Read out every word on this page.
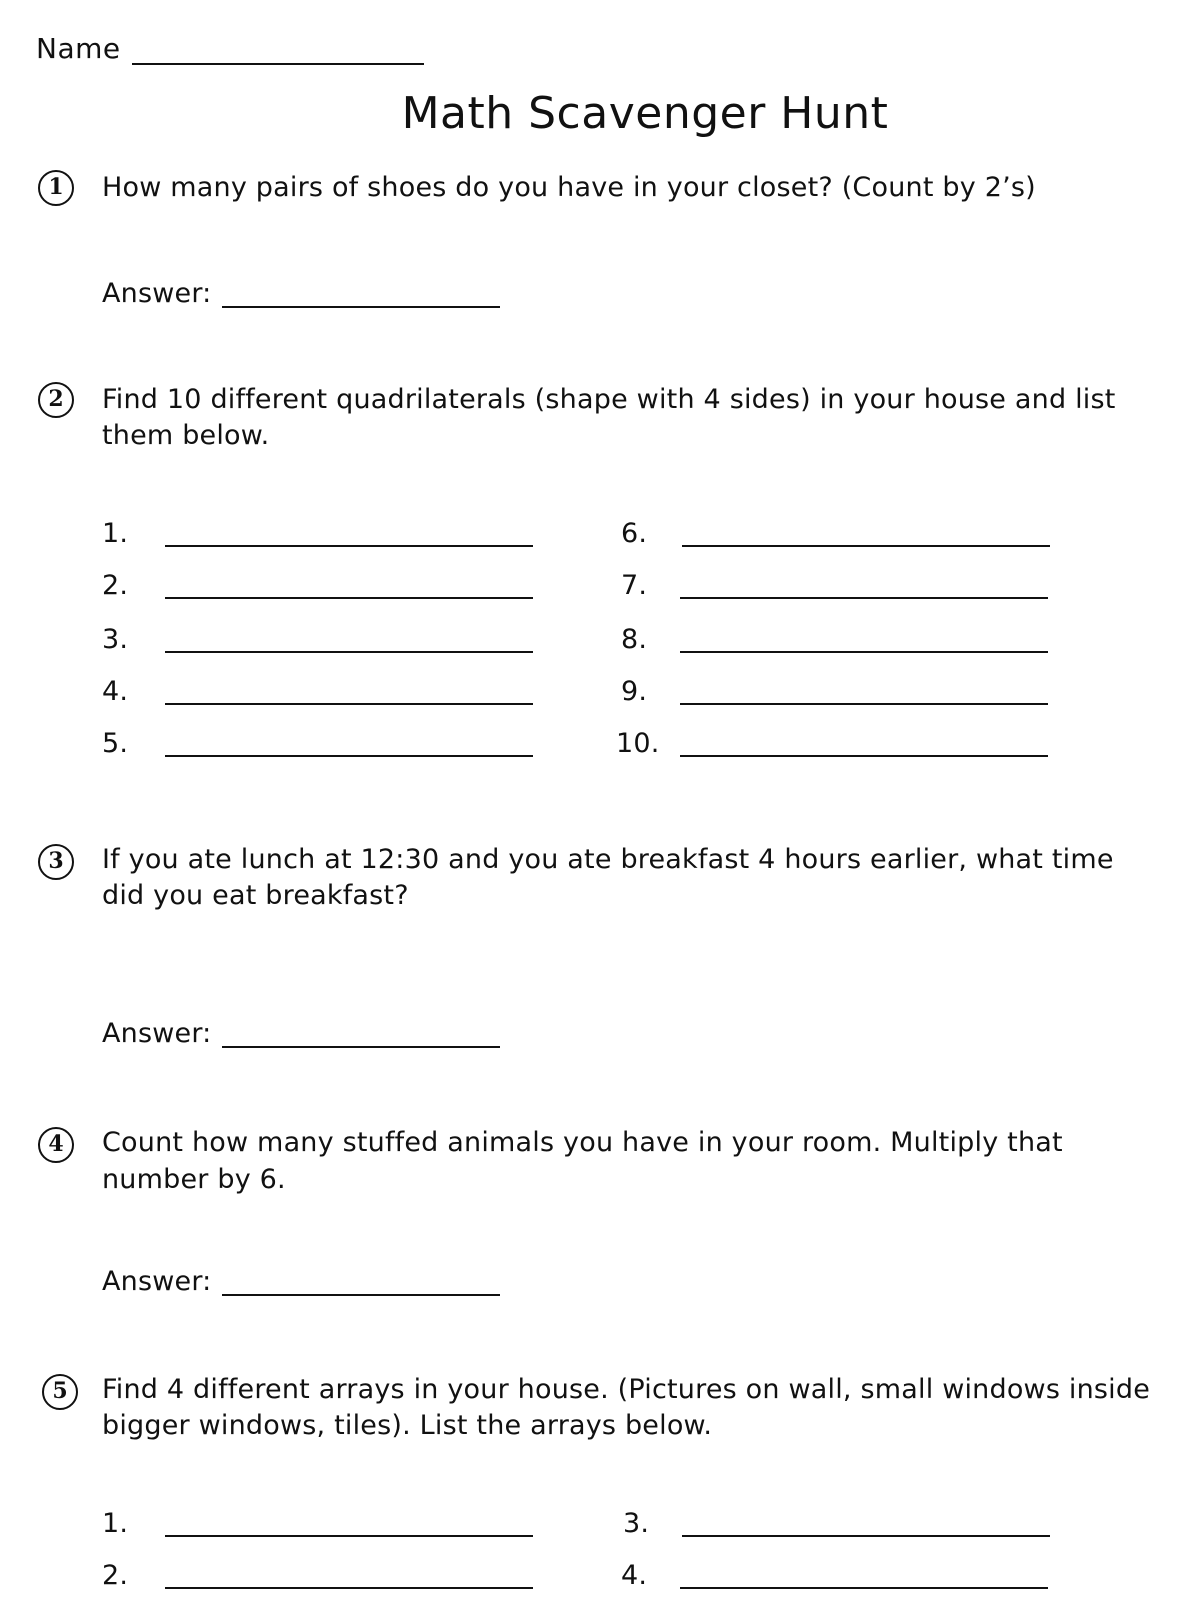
Name
Math Scavenger Hunt
1	How many pairs of shoes do you have in your closet? (Count by 2’s)
Answer:
2	Find 10 different quadrilaterals (shape with 4 sides) in your house and list
them below.
1.
2.
3.
4.
5.
6.
7.
8.
9.
10.
3	If you ate lunch at 12:30 and you ate breakfast 4 hours earlier, what time
did you eat breakfast?
Answer:
4	Count how many stuffed animals you have in your room. Multiply that
number by 6.
Answer:
5	Find 4 different arrays in your house. (Pictures on wall, small windows inside
bigger windows, tiles). List the arrays below.
1.
2.
3.
4.
